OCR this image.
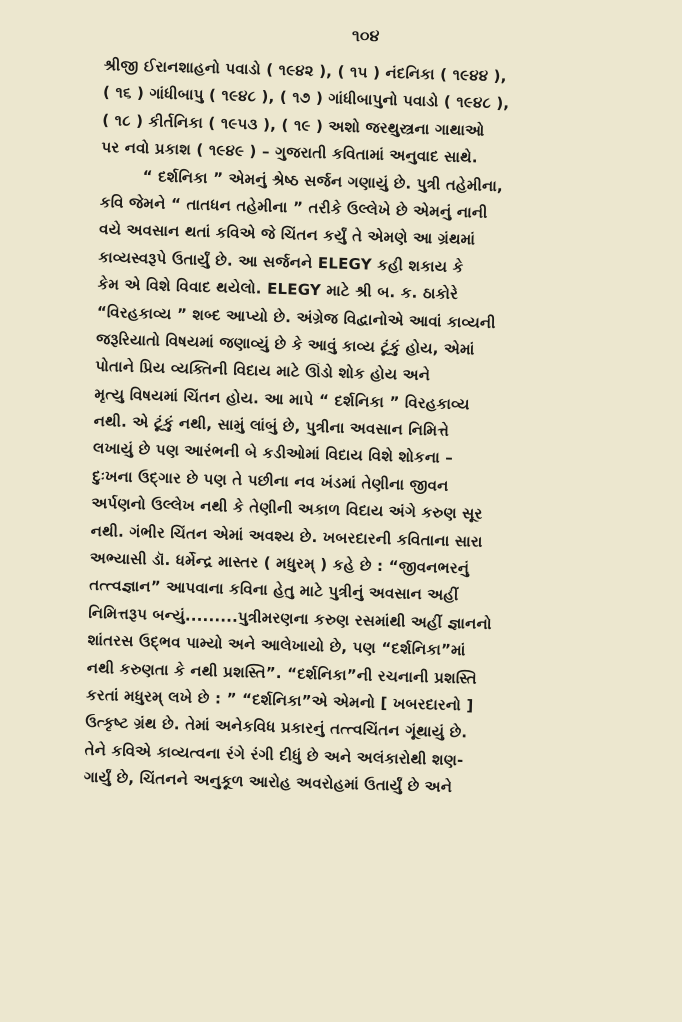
૧૦૪
શ્રીજી ઈરાનશાહનો પવાડો ( ૧૯૪૨ ), ( ૧૫ ) નંદનિકા ( ૧૯૪૪ ),
( ૧૬ ) ગાંધીબાપુ ( ૧૯૪૮ ), ( ૧૭ ) ગાંધીબાપુનો પવાડો ( ૧૯૪૮ ),
( ૧૮ ) કીર્તનિકા ( ૧૯૫૩ ), ( ૧૯ ) અશો જરથુસ્ત્રના ગાથાઓ
પર નવો પ્રકાશ ( ૧૯૪૯ ) – ગુજરાતી કવિતામાં અનુવાદ સાથે.
“ દર્શનિકા ” એમનું શ્રેષ્ઠ સર્જન ગણાયું છે. પુત્રી તહેમીના,
કવિ જેમને “ તાતધન તહેમીના ” તરીકે ઉલ્લેખે છે એમનું નાની
વયે અવસાન થતાં કવિએ જે ચિંતન કર્યું તે એમણે આ ગ્રંથમાં
કાવ્યસ્વરૂપે ઉતાર્યું છે. આ સર્જનને ELEGY કહી શકાય કે
કેમ એ વિશે વિવાદ થયેલો. ELEGY માટે શ્રી બ. ક. ઠાકોરે
“વિરહકાવ્ય ” શબ્દ આપ્યો છે. અંગ્રેજ વિદ્વાનોએ આવાં કાવ્યની
જરૂરિયાતો વિષયમાં જણાવ્યું છે કે આવું કાવ્ય ટૂંકું હોય, એમાં
પોતાને પ્રિય વ્યક્તિની વિદાય માટે ઊંડો શોક હોય અને
મૃત્યુ વિષયમાં ચિંતન હોય. આ માપે “ દર્શનિકા ” વિરહકાવ્ય
નથી. એ ટૂંકું નથી, સામું લાંબું છે, પુત્રીના અવસાન નિમિત્તે
લખાયું છે પણ આરંભની બે કડીઓમાં વિદાય વિશે શોકના –
દુઃખના ઉદ્ગાર છે પણ તે પછીના નવ ખંડમાં તેણીના જીવન
અર્પણનો ઉલ્લેખ નથી કે તેણીની અકાળ વિદાય અંગે કરુણ સૂર
નથી. ગંભીર ચિંતન એમાં અવશ્ય છે. ખબરદારની કવિતાના સારા
અભ્યાસી ડૉ. ધર્મેન્દ્ર માસ્તર ( મધુરમ્ ) કહે છે : “જીવનભરનું
તત્ત્વજ્ઞાન” આપવાના કવિના હેતુ માટે પુત્રીનું અવસાન અહીં
નિમિત્તરૂપ બન્યું.........પુત્રીમરણના કરુણ રસમાંથી અહીં જ્ઞાનનો
શાંતરસ ઉદ્ભવ પામ્યો અને આલેખાયો છે, પણ “દર્શનિકા”માં
નથી કરુણતા કે નથી પ્રશસ્તિ”. “દર્શનિકા”ની રચનાની પ્રશસ્તિ
કરતાં મધુરમ્ લખે છે : ” “દર્શનિકા”એ એમનો [ ખબરદારનો ]
ઉત્કૃષ્ટ ગ્રંથ છે. તેમાં અનેકવિધ પ્રકારનું તત્ત્વચિંતન ગૂંથાયું છે.
તેને કવિએ કાવ્યત્વના રંગે રંગી દીધું છે અને અલંકારોથી શણ-
ગાર્યું છે, ચિંતનને અનુકૂળ આરોહ અવરોહમાં ઉતાર્યું છે અને
